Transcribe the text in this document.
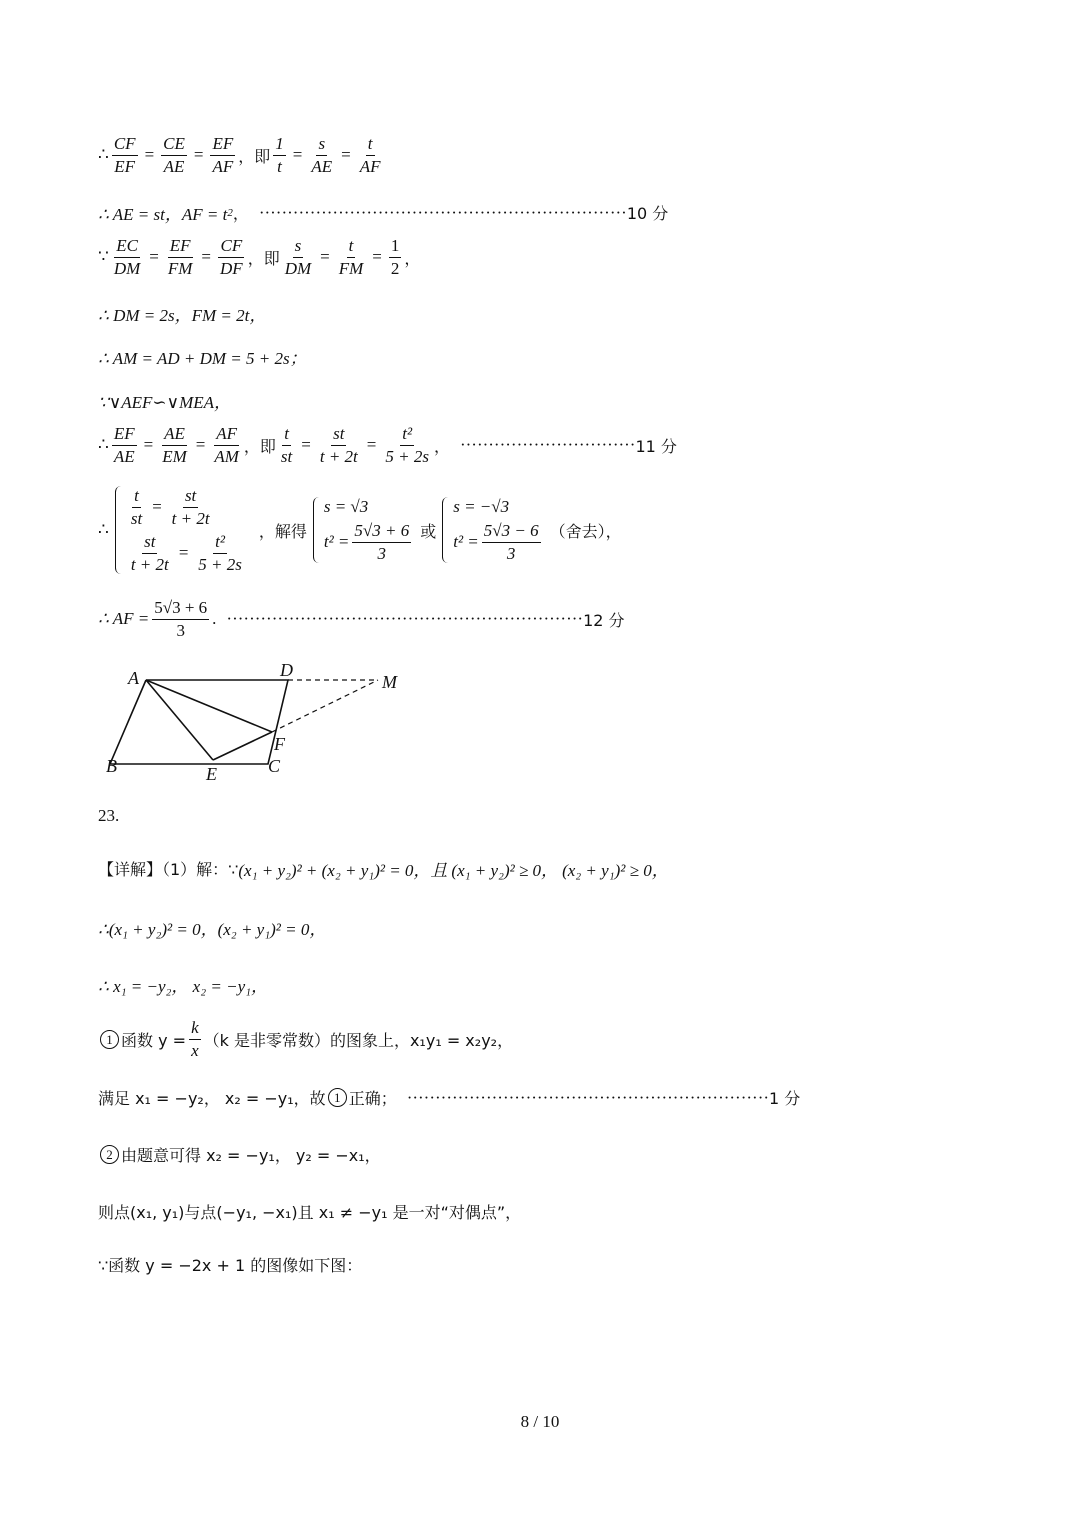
∴ $\frac{CF}{EF} = \frac{CE}{AE} = \frac{EF}{AF}$ ，即 $\frac{1}{t} = \frac{s}{AE} = \frac{t}{AF}$
∴ AE = st，AF = t 2 ， ································································· 10 分
∵ $\frac{EC}{DM} = \frac{EF}{FM} = \frac{CF}{DF}$ ，即 $\frac{s}{DM} = \frac{t}{FM} = \frac{1}{2}$ ，
∴ DM = 2s，FM = 2t，
∴ AM = AD + DM = 5 + 2s；
∵∨AEF∽∨MEA，
∴ $\frac{EF}{AE} = \frac{AE}{EM} = \frac{AF}{AM}$ ，即 $\frac{t}{st} = \frac{st}{t + 2t} = \frac{\text{t²}}{5 + 2s}$ ， ······························· 11 分
∴
$\frac{t}{st} = \frac{st}{t + 2t}$
$\frac{st}{t + 2t} = \frac{\text{t²}}{5 + 2s}$
，解得
s = √3
$t^2 = \frac{5√3 + 6}{3}$ 或
s = −√3
$t^2 = \frac{5√3 - 6}{3}$ （舍去），
∴ AF = $\frac{5√3 + 6}{3}$ . ······························································· 12 分
A	D
M
F
B	E	C
23.
【详解】（1）解：∵ (x₁ + y₂)² + (x₂ + y₁)² = 0，且 (x₁ + y₂)² ≥ 0， (x₂ + y₁)² ≥ 0，
∴(x₁ + y₂)² = 0，(x₂ + y₁)² = 0，
∴ x₁ = −y₂， x₂ = −y₁，
1 函数 $y = \frac{k}{x} (k$ 是非零常数）的图象上，x₁y₁ = x₂y₂，
满足 x₁ = −y₂， x₂ = −y₁，故 1 正确； ································································ 1 分
2 由题意可得 x₂ = −y₁， y₂ = −x₁，
则点(x₁, y₁)与点(−y₁, −x₁)且 x₁ ≠ −y₁ 是一对“对偶点”，
∵函数 y = −2x + 1 的图像如下图：
8 / 10
